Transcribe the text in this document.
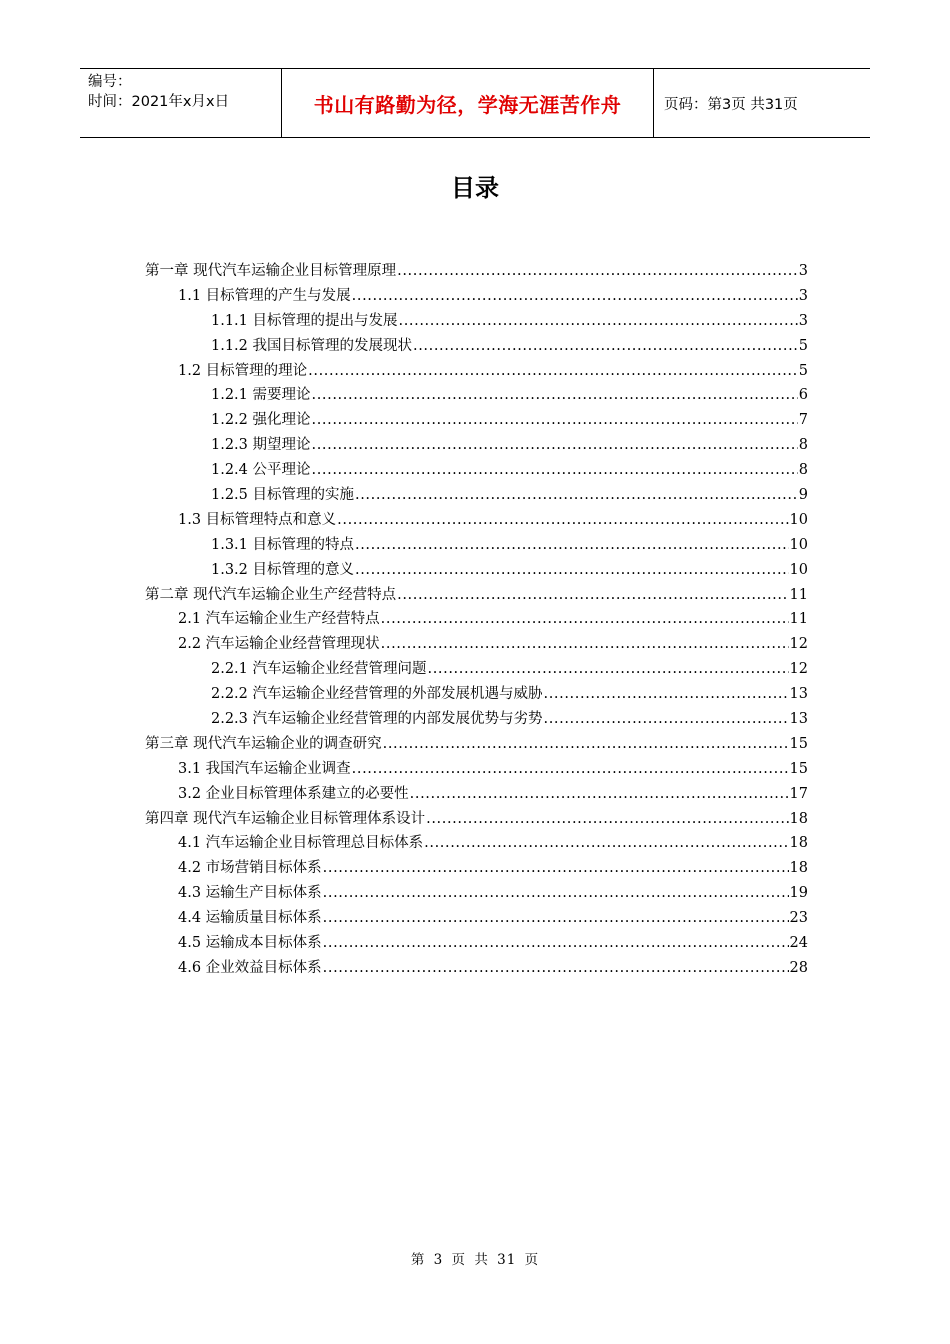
编号：
时间：2021年x月x日	书山有路勤为径，学海无涯苦作舟	页码：第3页 共31页
目录
第一章 现代汽车运输企业目标管理原理 .....	3
1.1 目标管理的产生与发展 .....	3
1.1.1 目标管理的提出与发展 .....	3
1.1.2 我国目标管理的发展现状 .....	5
1.2 目标管理的理论 .....	5
1.2.1 需要理论 .....	6
1.2.2 强化理论 .....	7
1.2.3 期望理论 .....	8
1.2.4 公平理论 .....	8
1.2.5 目标管理的实施 .....	9
1.3 目标管理特点和意义 .....	10
1.3.1 目标管理的特点 .....	10
1.3.2 目标管理的意义 .....	10
第二章 现代汽车运输企业生产经营特点 .....	11
2.1 汽车运输企业生产经营特点 .....	11
2.2 汽车运输企业经营管理现状 .....	12
2.2.1 汽车运输企业经营管理问题 .....	12
2.2.2 汽车运输企业经营管理的外部发展机遇与威胁 .....	13
2.2.3 汽车运输企业经营管理的内部发展优势与劣势 .....	13
第三章 现代汽车运输企业的调查研究 .....	15
3.1 我国汽车运输企业调查 .....	15
3.2 企业目标管理体系建立的必要性 .....	17
第四章 现代汽车运输企业目标管理体系设计 .....	18
4.1 汽车运输企业目标管理总目标体系 .....	18
4.2 市场营销目标体系 .....	18
4.3 运输生产目标体系 .....	19
4.4 运输质量目标体系 .....	23
4.5 运输成本目标体系 .....	24
4.6 企业效益目标体系 .....	28
第 3 页 共 31 页
